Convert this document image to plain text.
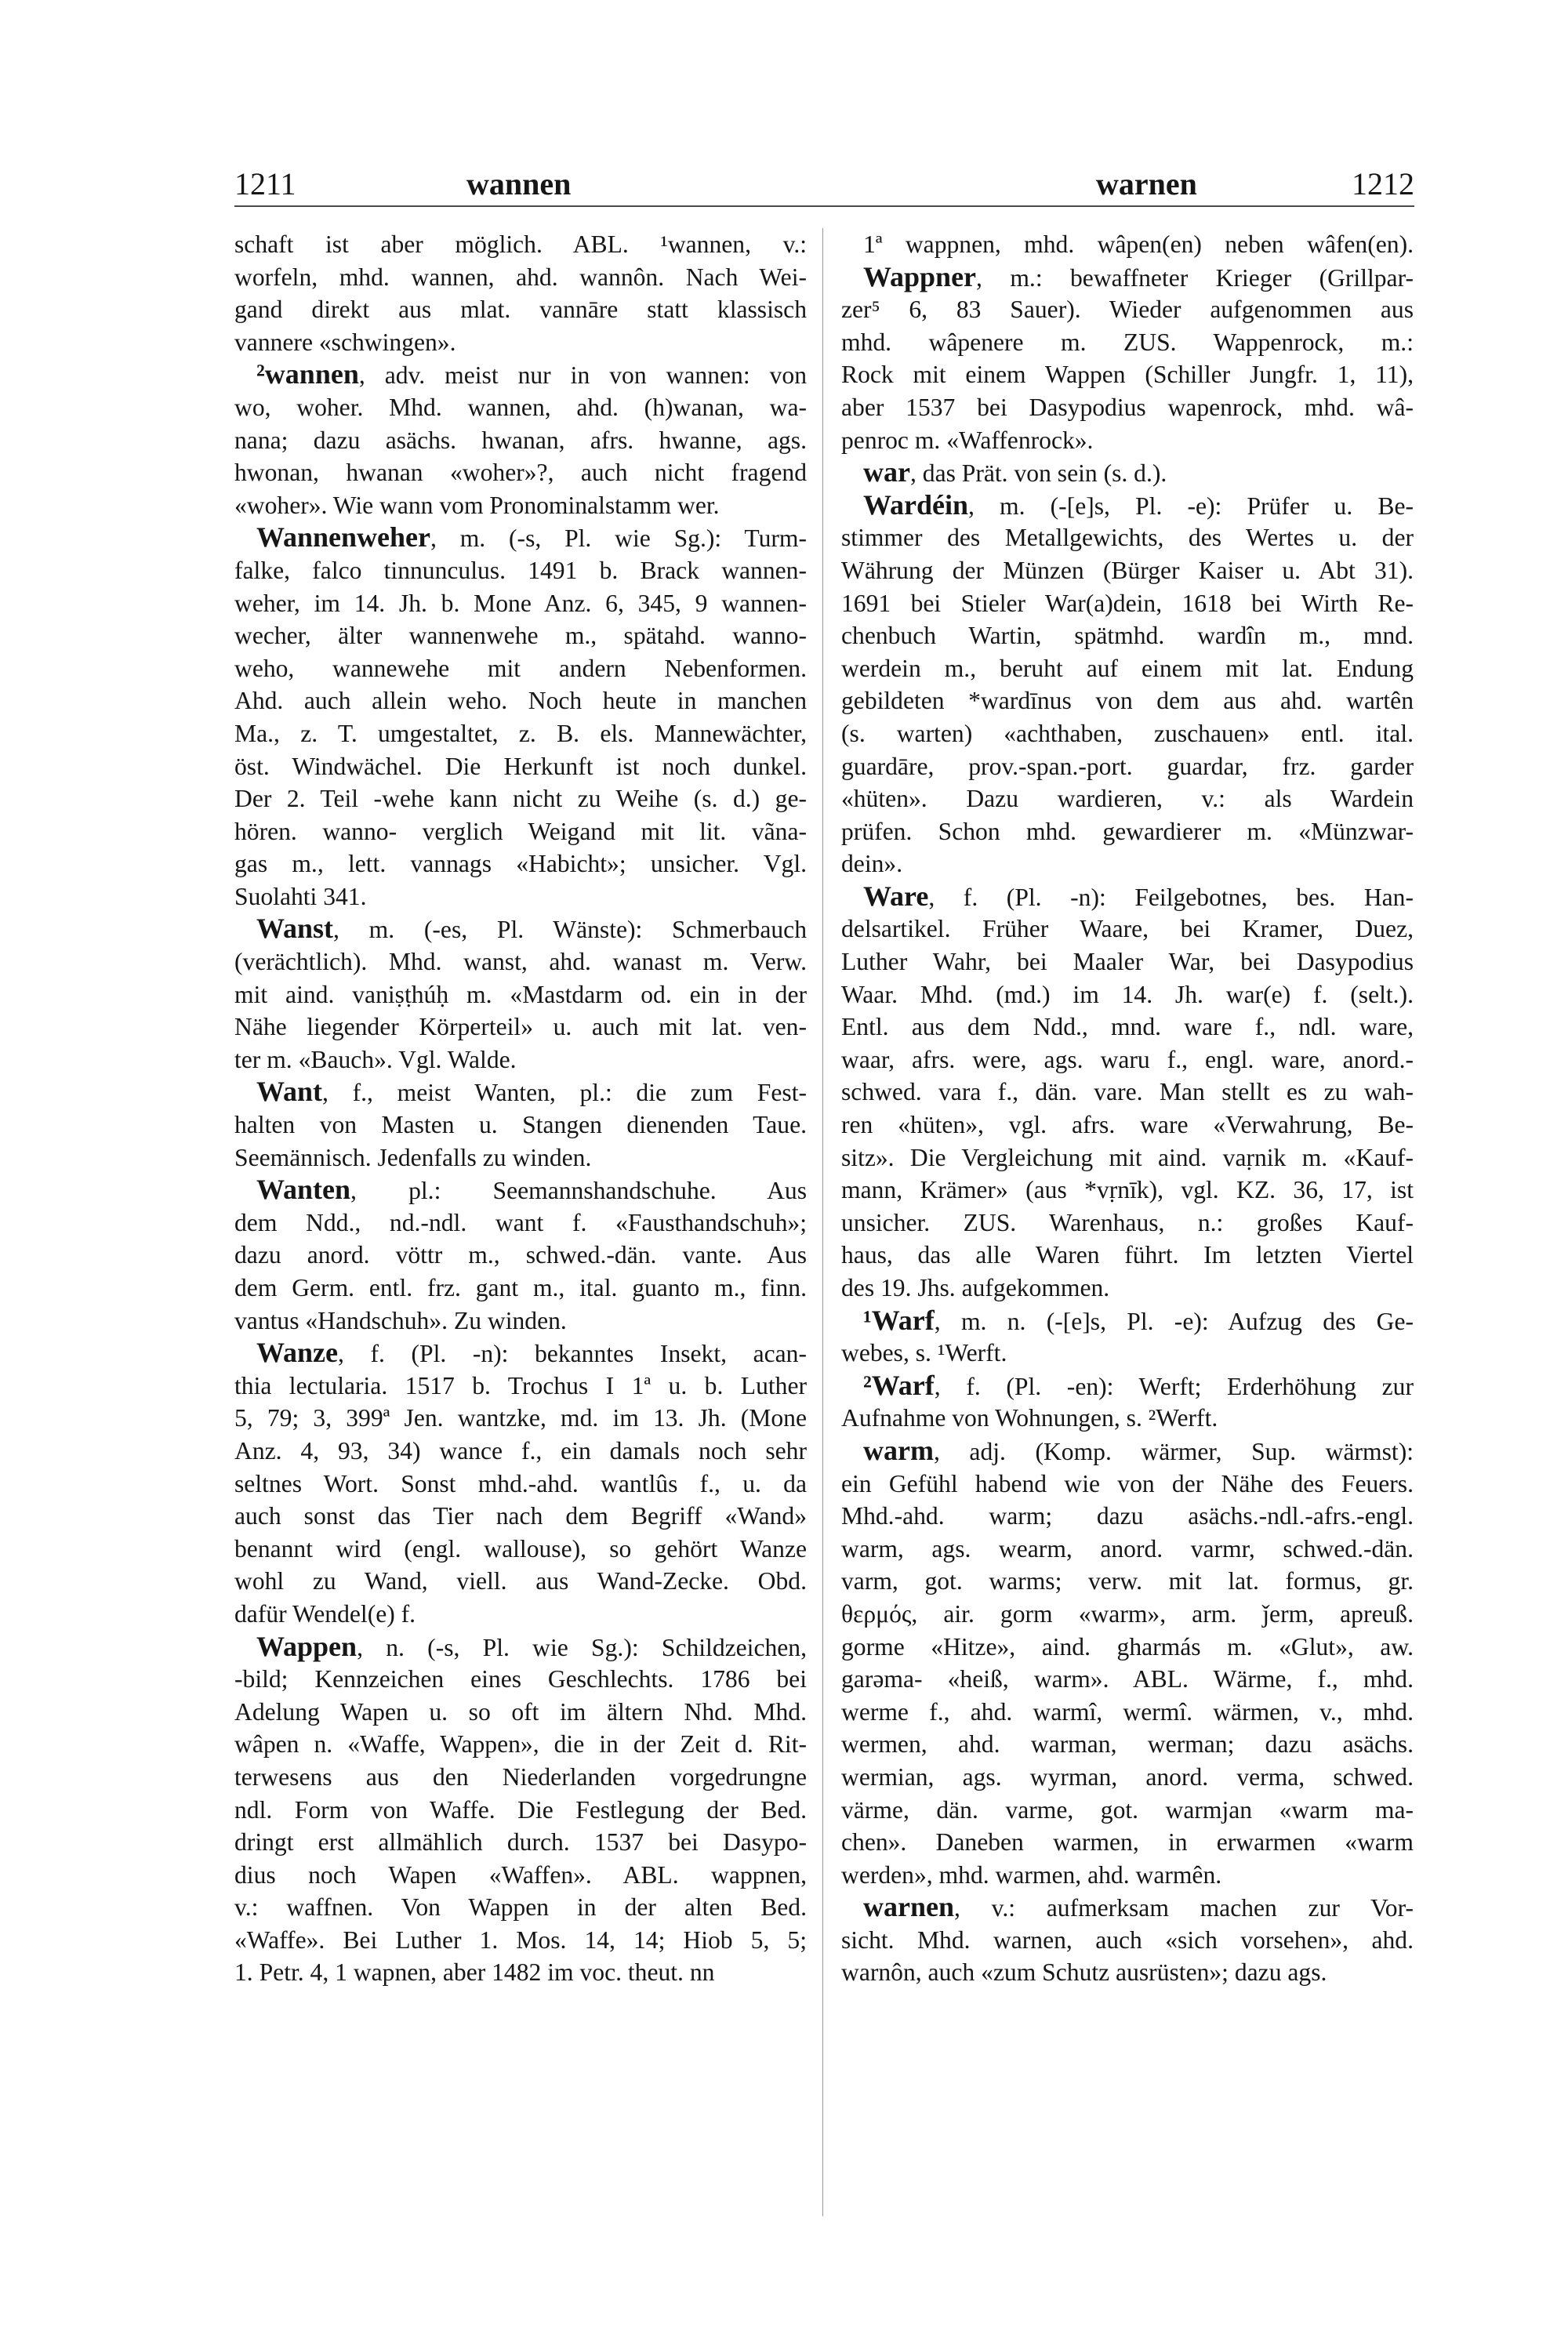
1211	wannen	warnen	1212
schaft ist aber möglich. ABL. ¹wannen, v.:
worfeln, mhd. wannen, ahd. wannôn. Nach Wei-
gand direkt aus mlat. vannāre statt klassisch
vannere «schwingen».
²wannen, adv. meist nur in von wannen: von
wo, woher. Mhd. wannen, ahd. (h)wanan, wa-
nana; dazu asächs. hwanan, afrs. hwanne, ags.
hwonan, hwanan «woher»?, auch nicht fragend
«woher». Wie wann vom Pronominalstamm wer.
Wannenweher, m. (-s, Pl. wie Sg.): Turm-
falke, falco tinnunculus. 1491 b. Brack wannen-
weher, im 14. Jh. b. Mone Anz. 6, 345, 9 wannen-
wecher, älter wannenwehe m., spätahd. wanno-
weho, wannewehe mit andern Nebenformen.
Ahd. auch allein weho. Noch heute in manchen
Ma., z. T. umgestaltet, z. B. els. Mannewächter,
öst. Windwächel. Die Herkunft ist noch dunkel.
Der 2. Teil -wehe kann nicht zu Weihe (s. d.) ge-
hören. wanno- verglich Weigand mit lit. vãna-
gas m., lett. vannags «Habicht»; unsicher. Vgl.
Suolahti 341.
Wanst, m. (-es, Pl. Wänste): Schmerbauch
(verächtlich). Mhd. wanst, ahd. wanast m. Verw.
mit aind. vaniṣṭhúḥ m. «Mastdarm od. ein in der
Nähe liegender Körperteil» u. auch mit lat. ven-
ter m. «Bauch». Vgl. Walde.
Want, f., meist Wanten, pl.: die zum Fest-
halten von Masten u. Stangen dienenden Taue.
Seemännisch. Jedenfalls zu winden.
Wanten, pl.: Seemannshandschuhe. Aus
dem Ndd., nd.-ndl. want f. «Fausthandschuh»;
dazu anord. vöttr m., schwed.-dän. vante. Aus
dem Germ. entl. frz. gant m., ital. guanto m., finn.
vantus «Handschuh». Zu winden.
Wanze, f. (Pl. -n): bekanntes Insekt, acan-
thia lectularia. 1517 b. Trochus I 1ª u. b. Luther
5, 79; 3, 399ª Jen. wantzke, md. im 13. Jh. (Mone
Anz. 4, 93, 34) wance f., ein damals noch sehr
seltnes Wort. Sonst mhd.-ahd. wantlûs f., u. da
auch sonst das Tier nach dem Begriff «Wand»
benannt wird (engl. wallouse), so gehört Wanze
wohl zu Wand, viell. aus Wand-Zecke. Obd.
dafür Wendel(e) f.
Wappen, n. (-s, Pl. wie Sg.): Schildzeichen,
-bild; Kennzeichen eines Geschlechts. 1786 bei
Adelung Wapen u. so oft im ältern Nhd. Mhd.
wâpen n. «Waffe, Wappen», die in der Zeit d. Rit-
terwesens aus den Niederlanden vorgedrungne
ndl. Form von Waffe. Die Festlegung der Bed.
dringt erst allmählich durch. 1537 bei Dasypo-
dius noch Wapen «Waffen». ABL. wappnen,
v.: waffnen. Von Wappen in der alten Bed.
«Waffe». Bei Luther 1. Mos. 14, 14; Hiob 5, 5;
1. Petr. 4, 1 wapnen, aber 1482 im voc. theut. nn
1ª wappnen, mhd. wâpen(en) neben wâfen(en).
Wappner, m.: bewaffneter Krieger (Grillpar-
zer⁵ 6, 83 Sauer). Wieder aufgenommen aus
mhd. wâpenere m. ZUS. Wappenrock, m.:
Rock mit einem Wappen (Schiller Jungfr. 1, 11),
aber 1537 bei Dasypodius wapenrock, mhd. wâ-
penroc m. «Waffenrock».
war, das Prät. von sein (s. d.).
Wardéin, m. (-[e]s, Pl. -e): Prüfer u. Be-
stimmer des Metallgewichts, des Wertes u. der
Währung der Münzen (Bürger Kaiser u. Abt 31).
1691 bei Stieler War(a)dein, 1618 bei Wirth Re-
chenbuch Wartin, spätmhd. wardîn m., mnd.
werdein m., beruht auf einem mit lat. Endung
gebildeten *wardīnus von dem aus ahd. wartên
(s. warten) «achthaben, zuschauen» entl. ital.
guardāre, prov.-span.-port. guardar, frz. garder
«hüten». Dazu wardieren, v.: als Wardein
prüfen. Schon mhd. gewardierer m. «Münzwar-
dein».
Ware, f. (Pl. -n): Feilgebotnes, bes. Han-
delsartikel. Früher Waare, bei Kramer, Duez,
Luther Wahr, bei Maaler War, bei Dasypodius
Waar. Mhd. (md.) im 14. Jh. war(e) f. (selt.).
Entl. aus dem Ndd., mnd. ware f., ndl. ware,
waar, afrs. were, ags. waru f., engl. ware, anord.-
schwed. vara f., dän. vare. Man stellt es zu wah-
ren «hüten», vgl. afrs. ware «Verwahrung, Be-
sitz». Die Vergleichung mit aind. vaṛnik m. «Kauf-
mann, Krämer» (aus *vṛnīk), vgl. KZ. 36, 17, ist
unsicher. ZUS. Warenhaus, n.: großes Kauf-
haus, das alle Waren führt. Im letzten Viertel
des 19. Jhs. aufgekommen.
¹Warf, m. n. (-[e]s, Pl. -e): Aufzug des Ge-
webes, s. ¹Werft.
²Warf, f. (Pl. -en): Werft; Erderhöhung zur
Aufnahme von Wohnungen, s. ²Werft.
warm, adj. (Komp. wärmer, Sup. wärmst):
ein Gefühl habend wie von der Nähe des Feuers.
Mhd.-ahd. warm; dazu asächs.-ndl.-afrs.-engl.
warm, ags. wearm, anord. varmr, schwed.-dän.
varm, got. warms; verw. mit lat. formus, gr.
θερμός, air. gorm «warm», arm. ǰerm, apreuß.
gorme «Hitze», aind. gharmás m. «Glut», aw.
garəma- «heiß, warm». ABL. Wärme, f., mhd.
werme f., ahd. warmî, wermî. wärmen, v., mhd.
wermen, ahd. warman, werman; dazu asächs.
wermian, ags. wyrman, anord. verma, schwed.
värme, dän. varme, got. warmjan «warm ma-
chen». Daneben warmen, in erwarmen «warm
werden», mhd. warmen, ahd. warmên.
warnen, v.: aufmerksam machen zur Vor-
sicht. Mhd. warnen, auch «sich vorsehen», ahd.
warnôn, auch «zum Schutz ausrüsten»; dazu ags.
